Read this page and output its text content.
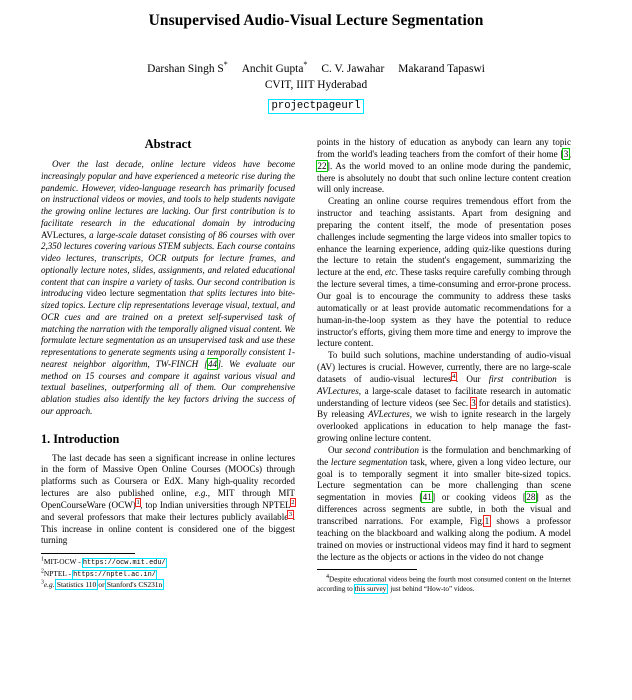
Unsupervised Audio-Visual Lecture Segmentation
Darshan Singh S* Anchit Gupta* C. V. Jawahar Makarand Tapaswi
CVIT, IIIT Hyderabad
projectpageurl
Abstract

Over the last decade, online lecture videos have become increasingly popular and have experienced a meteoric rise during the pandemic. However, video-language research has primarily focused on instructional videos or movies, and tools to help students navigate the growing online lectures are lacking. Our first contribution is to facilitate research in the educational domain by introducing AVLectures, a large-scale dataset consisting of 86 courses with over 2,350 lectures covering various STEM subjects. Each course contains video lectures, transcripts, OCR outputs for lecture frames, and optionally lecture notes, slides, assignments, and related educational content that can inspire a variety of tasks. Our second contribution is introducing video lecture segmentation that splits lectures into bite-sized topics. Lecture clip representations leverage visual, textual, and OCR cues and are trained on a pretext self-supervised task of matching the narration with the temporally aligned visual content. We formulate lecture segmentation as an unsupervised task and use these representations to generate segments using a temporally consistent 1-nearest neighbor algorithm, TW-FINCH [44]. We evaluate our method on 15 courses and compare it against various visual and textual baselines, outperforming all of them. Our comprehensive ablation studies also identify the key factors driving the success of our approach.

1. Introduction

The last decade has seen a significant increase in online lectures in the form of Massive Open Online Courses (MOOCs) through platforms such as Coursera or EdX. Many high-quality recorded lectures are also published online, e.g., MIT through MIT OpenCourseWare (OCW)$^1$, top Indian universities through NPTEL$^2$ and several professors that make their lectures publicly available$^3$. This increase in online content is considered one of the biggest turning

$^1$MIT-OCW - https://ocw.mit.edu/

$^2$NPTEL - https://nptel.ac.in/

$^3$e.g. Statistics 110 or Stanford's CS231n.

points in the history of education as anybody can learn any topic from the world's leading teachers from the comfort of their home [3, 22]. As the world moved to an online mode during the pandemic, there is absolutely no doubt that such online lecture content creation will only increase.

Creating an online course requires tremendous effort from the instructor and teaching assistants. Apart from designing and preparing the content itself, the mode of presentation poses challenges include segmenting the large videos into smaller topics to enhance the learning experience, adding quiz-like questions during the lecture to retain the student's engagement, summarizing the lecture at the end, etc. These tasks require carefully combing through the lecture several times, a time-consuming and error-prone process. Our goal is to encourage the community to address these tasks automatically or at least provide automatic recommendations for a human-in-the-loop system as they have the potential to reduce instructor's efforts, giving them more time and energy to improve the lecture content.

To build such solutions, machine understanding of audio-visual (AV) lectures is crucial. However, currently, there are no large-scale datasets of audio-visual lectures$^4$. Our first contribution is AVLectures, a large-scale dataset to facilitate research in automatic understanding of lecture videos (see Sec. 3 for details and statistics). By releasing AVLectures, we wish to ignite research in the largely overlooked applications in education to help manage the fast-growing online lecture content.

Our second contribution is the formulation and benchmarking of the lecture segmentation task, where, given a long video lecture, our goal is to temporally segment it into smaller bite-sized topics. Lecture segmentation can be more challenging than scene segmentation in movies [41] or cooking videos [28] as the differences across segments are subtle, in both the visual and transcribed narrations. For example, Fig.1 shows a professor teaching on the blackboard and walking along the podium. A model trained on movies or instructional videos may find it hard to segment the lecture as the objects or actions in the video do not change

$^4$Despite educational videos being the fourth most consumed content on the Internet according to this survey, just behind “How-to” videos.
